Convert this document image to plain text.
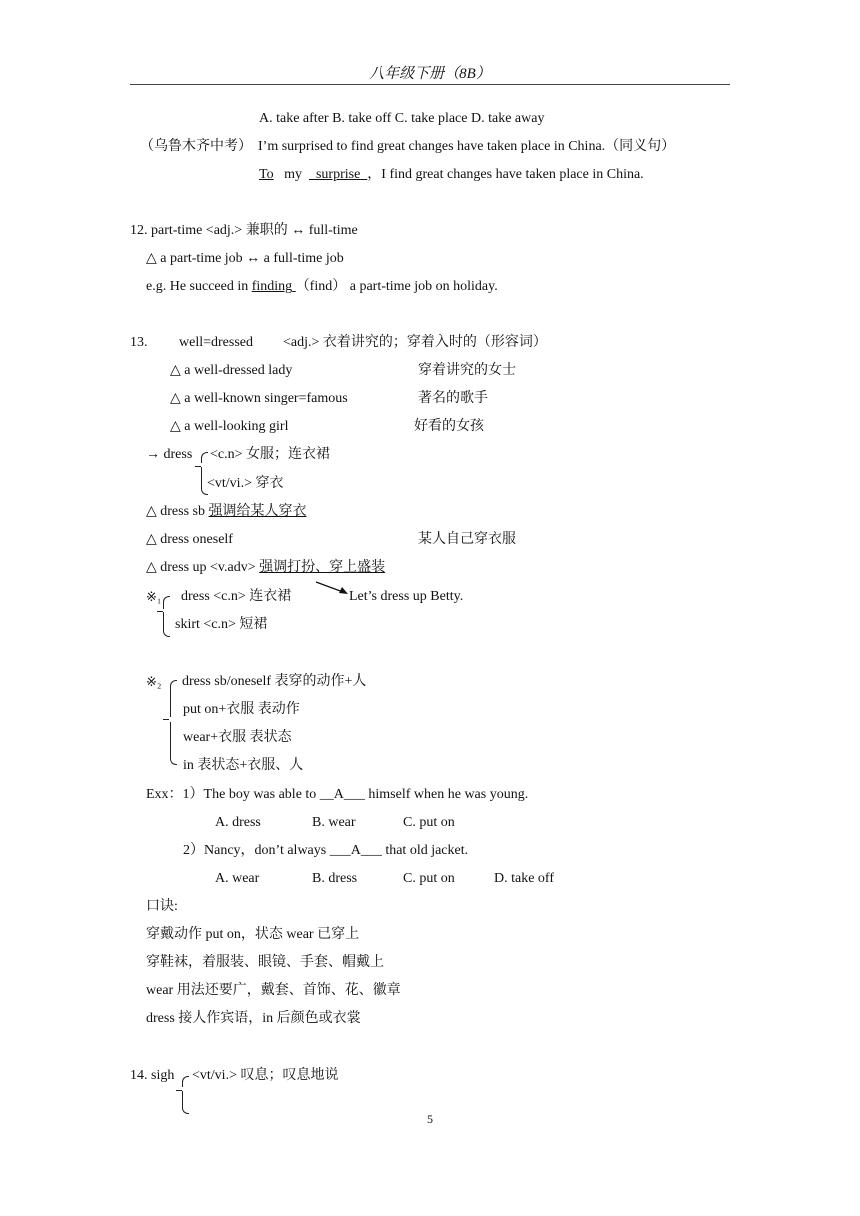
八年级下册（8B）
A. take after B. take off C. take place D. take away
（乌鲁木齐中考） I’m surprised to find great changes have taken place in China.（同义句）
To my surprise ，I find great changes have taken place in China.
12. part-time <adj.> 兼职的 ↔ full-time
△ a part-time job ↔ a full-time job
e.g. He succeed in finding （find） a part-time job on holiday.
13. well=dressed <adj.> 衣着讲究的；穿着入时的（形容词）
△ a well-dressed lady	穿着讲究的女士
△ a well-known singer=famous	著名的歌手
△ a well-looking girl	好看的女孩
→ dress <c.n> 女服；连衣裙
<vt/vi.> 穿衣
△ dress sb 强调给某人穿衣
△ dress oneself	某人自己穿衣服
△ dress up <v.adv> 强调打扮、穿上盛装
※₁ dress <c.n> 连衣裙
skirt <c.n> 短裙
Let’s dress up Betty.
※₂ dress sb/oneself 表穿的动作+人
put on+衣服 表动作
wear+衣服 表状态
in 表状态+衣服、人
Exx：1）The boy was able to __A___ himself when he was young.
A. dress	B. wear	C. put on
2）Nancy，don’t always ___A___ that old jacket.
A. wear	B. dress	C. put on	D. take off
口诀:
穿戴动作 put on，状态 wear 已穿上
穿鞋袜，着服装、眼镜、手套、帽戴上
wear 用法还要广，戴套、首饰、花、徽章
dress 接人作宾语，in 后颜色或衣裳
14. sigh <vt/vi.> 叹息；叹息地说
5
